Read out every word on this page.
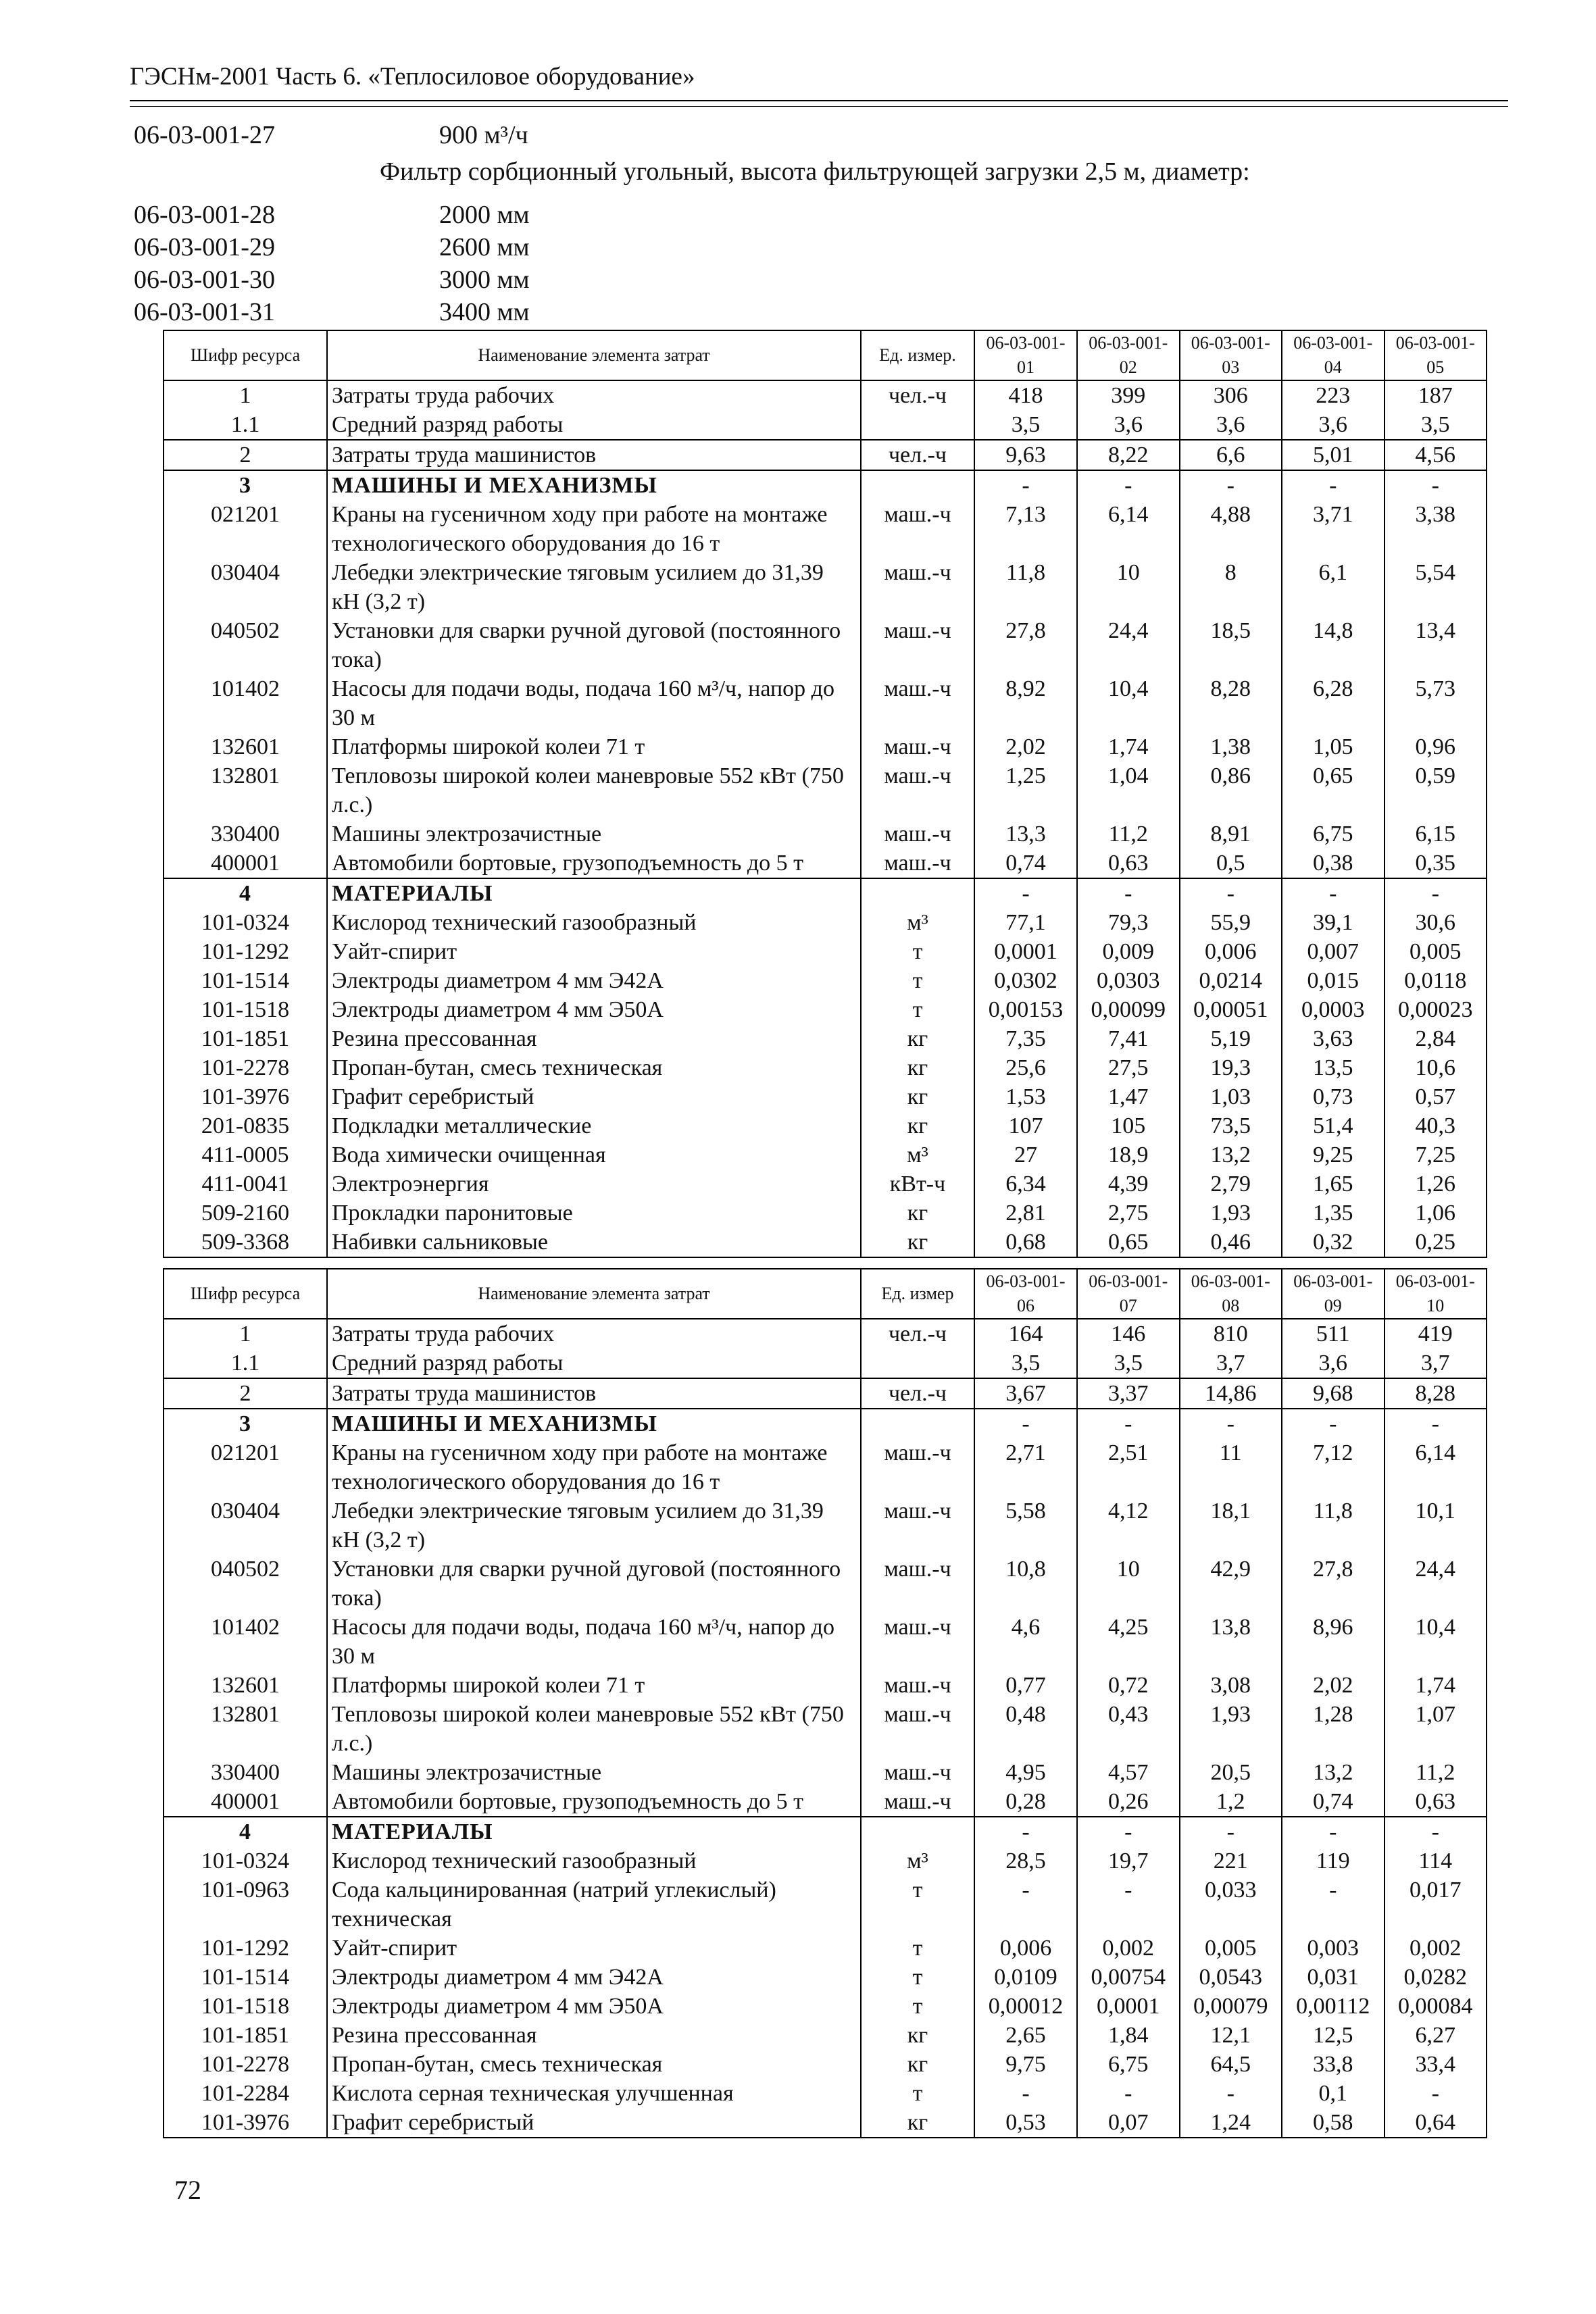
ГЭСНм-2001 Часть 6. «Теплосиловое оборудование»
06-03-001-27	900 м³/ч
Фильтр сорбционный угольный, высота фильтрующей загрузки 2,5 м, диаметр:
06-03-001-28	2000 мм
06-03-001-29	2600 мм
06-03-001-30	3000 мм
06-03-001-31	3400 мм
Шифр ресурса	Наименование элемента затрат	Ед. измер.	06-03-​001-01	06-03-​001-02	06-03-​001-03	06-03-​001-04	06-03-​001-05
1	Затраты труда рабочих	чел.-ч	418	399	306	223	187
1.1	Средний разряд работы		3,5	3,6	3,6	3,6	3,5
2	Затраты труда машинистов	чел.-ч	9,63	8,22	6,6	5,01	4,56
3	МАШИНЫ И МЕХАНИЗМЫ		-	-	-	-	-
021201	Краны на гусеничном ходу при работе на монтаже технологического оборудования до 16 т	маш.-ч	7,13	6,14	4,88	3,71	3,38
030404	Лебедки электрические тяговым усилием до 31,39 кН (3,2 т)	маш.-ч	11,8	10	8	6,1	5,54
040502	Установки для сварки ручной дуговой (постоянного тока)	маш.-ч	27,8	24,4	18,5	14,8	13,4
101402	Насосы для подачи воды, подача 160 м³/ч, напор до 30 м	маш.-ч	8,92	10,4	8,28	6,28	5,73
132601	Платформы широкой колеи 71 т	маш.-ч	2,02	1,74	1,38	1,05	0,96
132801	Тепловозы широкой колеи маневровые 552 кВт (750 л.с.)	маш.-ч	1,25	1,04	0,86	0,65	0,59
330400	Машины электрозачистные	маш.-ч	13,3	11,2	8,91	6,75	6,15
400001	Автомобили бортовые, грузоподъемность до 5 т	маш.-ч	0,74	0,63	0,5	0,38	0,35
4	МАТЕРИАЛЫ		-	-	-	-	-
101-0324	Кислород технический газообразный	м³	77,1	79,3	55,9	39,1	30,6
101-1292	Уайт-спирит	т	0,0001	0,009	0,006	0,007	0,005
101-1514	Электроды диаметром 4 мм Э42А	т	0,0302	0,0303	0,0214	0,015	0,0118
101-1518	Электроды диаметром 4 мм Э50А	т	0,00153	0,00099	0,00051	0,0003	0,00023
101-1851	Резина прессованная	кг	7,35	7,41	5,19	3,63	2,84
101-2278	Пропан-бутан, смесь техническая	кг	25,6	27,5	19,3	13,5	10,6
101-3976	Графит серебристый	кг	1,53	1,47	1,03	0,73	0,57
201-0835	Подкладки металлические	кг	107	105	73,5	51,4	40,3
411-0005	Вода химически очищенная	м³	27	18,9	13,2	9,25	7,25
411-0041	Электроэнергия	кВт-ч	6,34	4,39	2,79	1,65	1,26
509-2160	Прокладки паронитовые	кг	2,81	2,75	1,93	1,35	1,06
509-3368	Набивки сальниковые	кг	0,68	0,65	0,46	0,32	0,25
Шифр ресурса	Наименование элемента затрат	Ед. измер	06-03-​001-06	06-03-​001-07	06-03-​001-08	06-03-​001-09	06-03-​001-10
1	Затраты труда рабочих	чел.-ч	164	146	810	511	419
1.1	Средний разряд работы		3,5	3,5	3,7	3,6	3,7
2	Затраты труда машинистов	чел.-ч	3,67	3,37	14,86	9,68	8,28
3	МАШИНЫ И МЕХАНИЗМЫ		-	-	-	-	-
021201	Краны на гусеничном ходу при работе на монтаже технологического оборудования до 16 т	маш.-ч	2,71	2,51	11	7,12	6,14
030404	Лебедки электрические тяговым усилием до 31,39 кН (3,2 т)	маш.-ч	5,58	4,12	18,1	11,8	10,1
040502	Установки для сварки ручной дуговой (постоянного тока)	маш.-ч	10,8	10	42,9	27,8	24,4
101402	Насосы для подачи воды, подача 160 м³/ч, напор до 30 м	маш.-ч	4,6	4,25	13,8	8,96	10,4
132601	Платформы широкой колеи 71 т	маш.-ч	0,77	0,72	3,08	2,02	1,74
132801	Тепловозы широкой колеи маневровые 552 кВт (750 л.с.)	маш.-ч	0,48	0,43	1,93	1,28	1,07
330400	Машины электрозачистные	маш.-ч	4,95	4,57	20,5	13,2	11,2
400001	Автомобили бортовые, грузоподъемность до 5 т	маш.-ч	0,28	0,26	1,2	0,74	0,63
4	МАТЕРИАЛЫ		-	-	-	-	-
101-0324	Кислород технический газообразный	м³	28,5	19,7	221	119	114
101-0963	Сода кальцинированная (натрий углекислый) техническая	т	-	-	0,033	-	0,017
101-1292	Уайт-спирит	т	0,006	0,002	0,005	0,003	0,002
101-1514	Электроды диаметром 4 мм Э42А	т	0,0109	0,00754	0,0543	0,031	0,0282
101-1518	Электроды диаметром 4 мм Э50А	т	0,00012	0,0001	0,00079	0,00112	0,00084
101-1851	Резина прессованная	кг	2,65	1,84	12,1	12,5	6,27
101-2278	Пропан-бутан, смесь техническая	кг	9,75	6,75	64,5	33,8	33,4
101-2284	Кислота серная техническая улучшенная	т	-	-	-	0,1	-
101-3976	Графит серебристый	кг	0,53	0,07	1,24	0,58	0,64
72
